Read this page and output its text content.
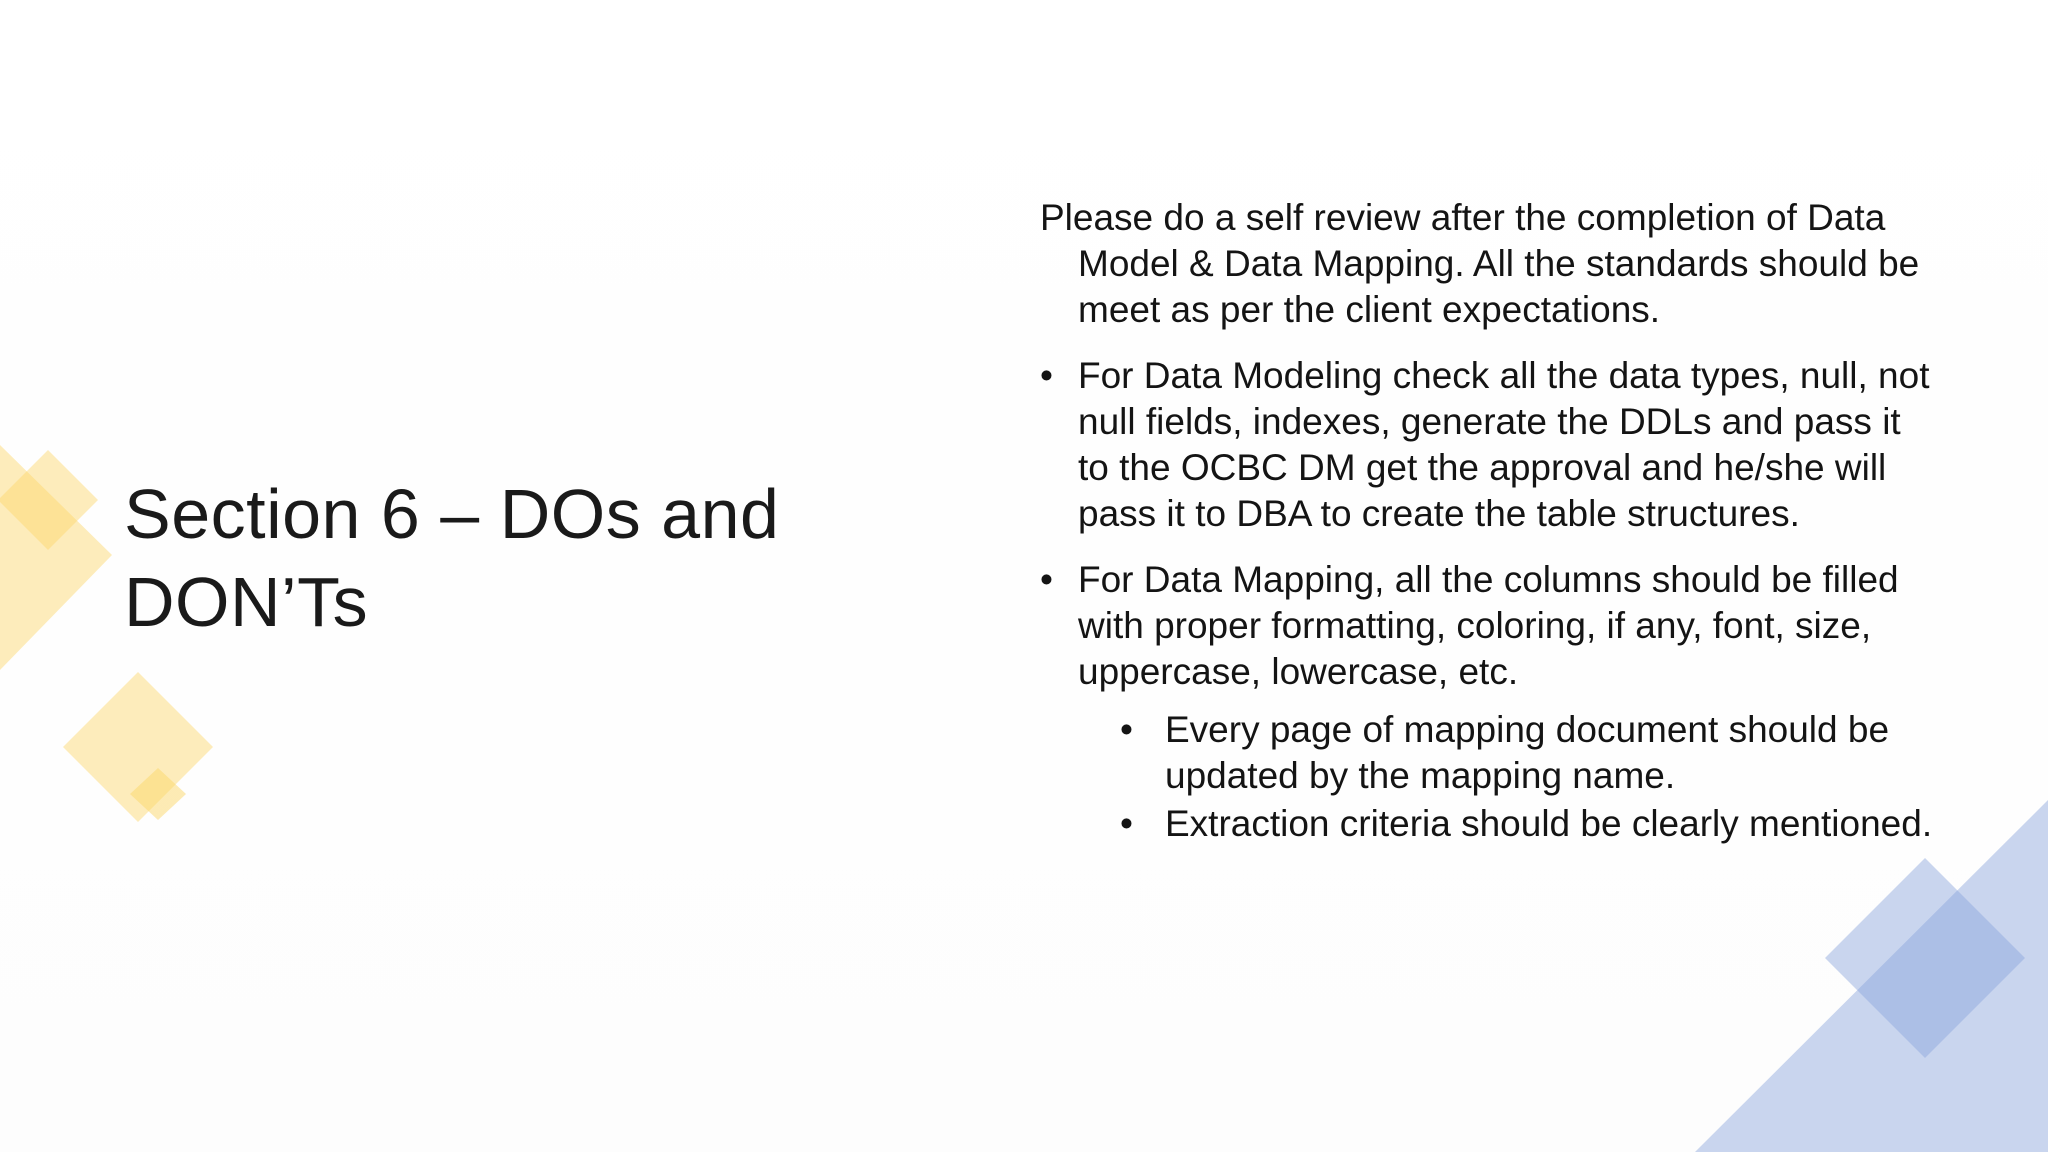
Section 6 – DOs and DON’Ts

Please do a self review after the completion of Data Model & Data Mapping. All the standards should be meet as per the client expectations.

• For Data Modeling check all the data types, null, not null fields, indexes, generate the DDLs and pass it to the OCBC DM get the approval and he/she will pass it to DBA to create the table structures.
• For Data Mapping, all the columns should be filled with proper formatting, coloring, if any, font, size, uppercase, lowercase, etc.
• Every page of mapping document should be updated by the mapping name.
• Extraction criteria should be clearly mentioned.
